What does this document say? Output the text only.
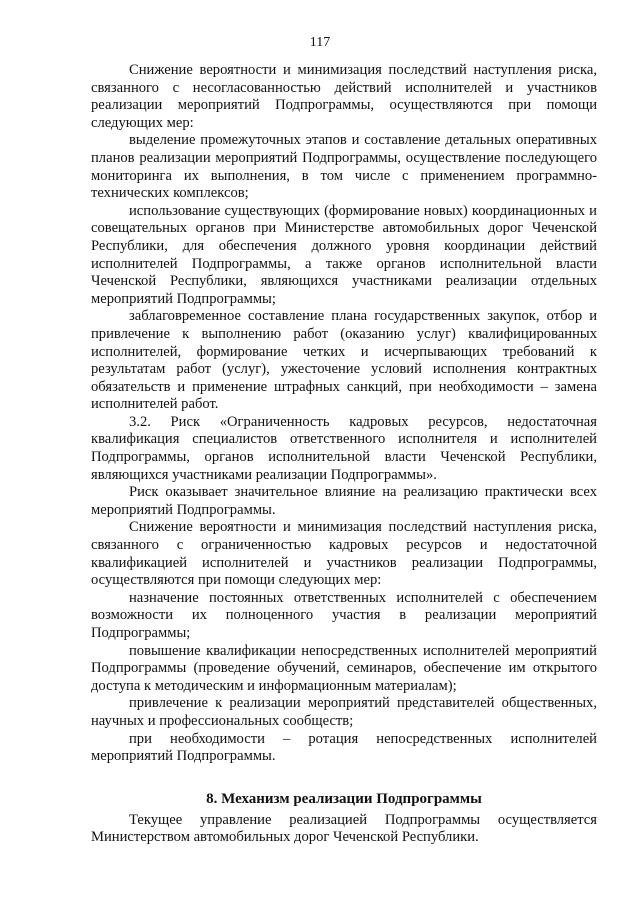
117

Снижение вероятности и минимизация последствий наступления риска, связанного с несогласованностью действий исполнителей и участников реализации мероприятий Подпрограммы, осуществляются при помощи следующих мер:

выделение промежуточных этапов и составление детальных оперативных планов реализации мероприятий Подпрограммы, осуществление последующего мониторинга их выполнения, в том числе с применением программно-технических комплексов;

использование существующих (формирование новых) координационных и совещательных органов при Министерстве автомобильных дорог Чеченской Республики, для обеспечения должного уровня координации действий исполнителей Подпрограммы, а также органов исполнительной власти Чеченской Республики, являющихся участниками реализации отдельных мероприятий Подпрограммы;

заблаговременное составление плана государственных закупок, отбор и привлечение к выполнению работ (оказанию услуг) квалифицированных исполнителей, формирование четких и исчерпывающих требований к результатам работ (услуг), ужесточение условий исполнения контрактных обязательств и применение штрафных санкций, при необходимости – замена исполнителей работ.

3.2. Риск «Ограниченность кадровых ресурсов, недостаточная квалификация специалистов ответственного исполнителя и исполнителей Подпрограммы, органов исполнительной власти Чеченской Республики, являющихся участниками реализации Подпрограммы».

Риск оказывает значительное влияние на реализацию практически всех мероприятий Подпрограммы.

Снижение вероятности и минимизация последствий наступления риска, связанного с ограниченностью кадровых ресурсов и недостаточной квалификацией исполнителей и участников реализации Подпрограммы, осуществляются при помощи следующих мер:

назначение постоянных ответственных исполнителей с обеспечением возможности их полноценного участия в реализации мероприятий Подпрограммы;

повышение квалификации непосредственных исполнителей мероприятий Подпрограммы (проведение обучений, семинаров, обеспечение им открытого доступа к методическим и информационным материалам);

привлечение к реализации мероприятий представителей общественных, научных и профессиональных сообществ;

при необходимости – ротация непосредственных исполнителей мероприятий Подпрограммы.

8. Механизм реализации Подпрограммы

Текущее управление реализацией Подпрограммы осуществляется Министерством автомобильных дорог Чеченской Республики.
